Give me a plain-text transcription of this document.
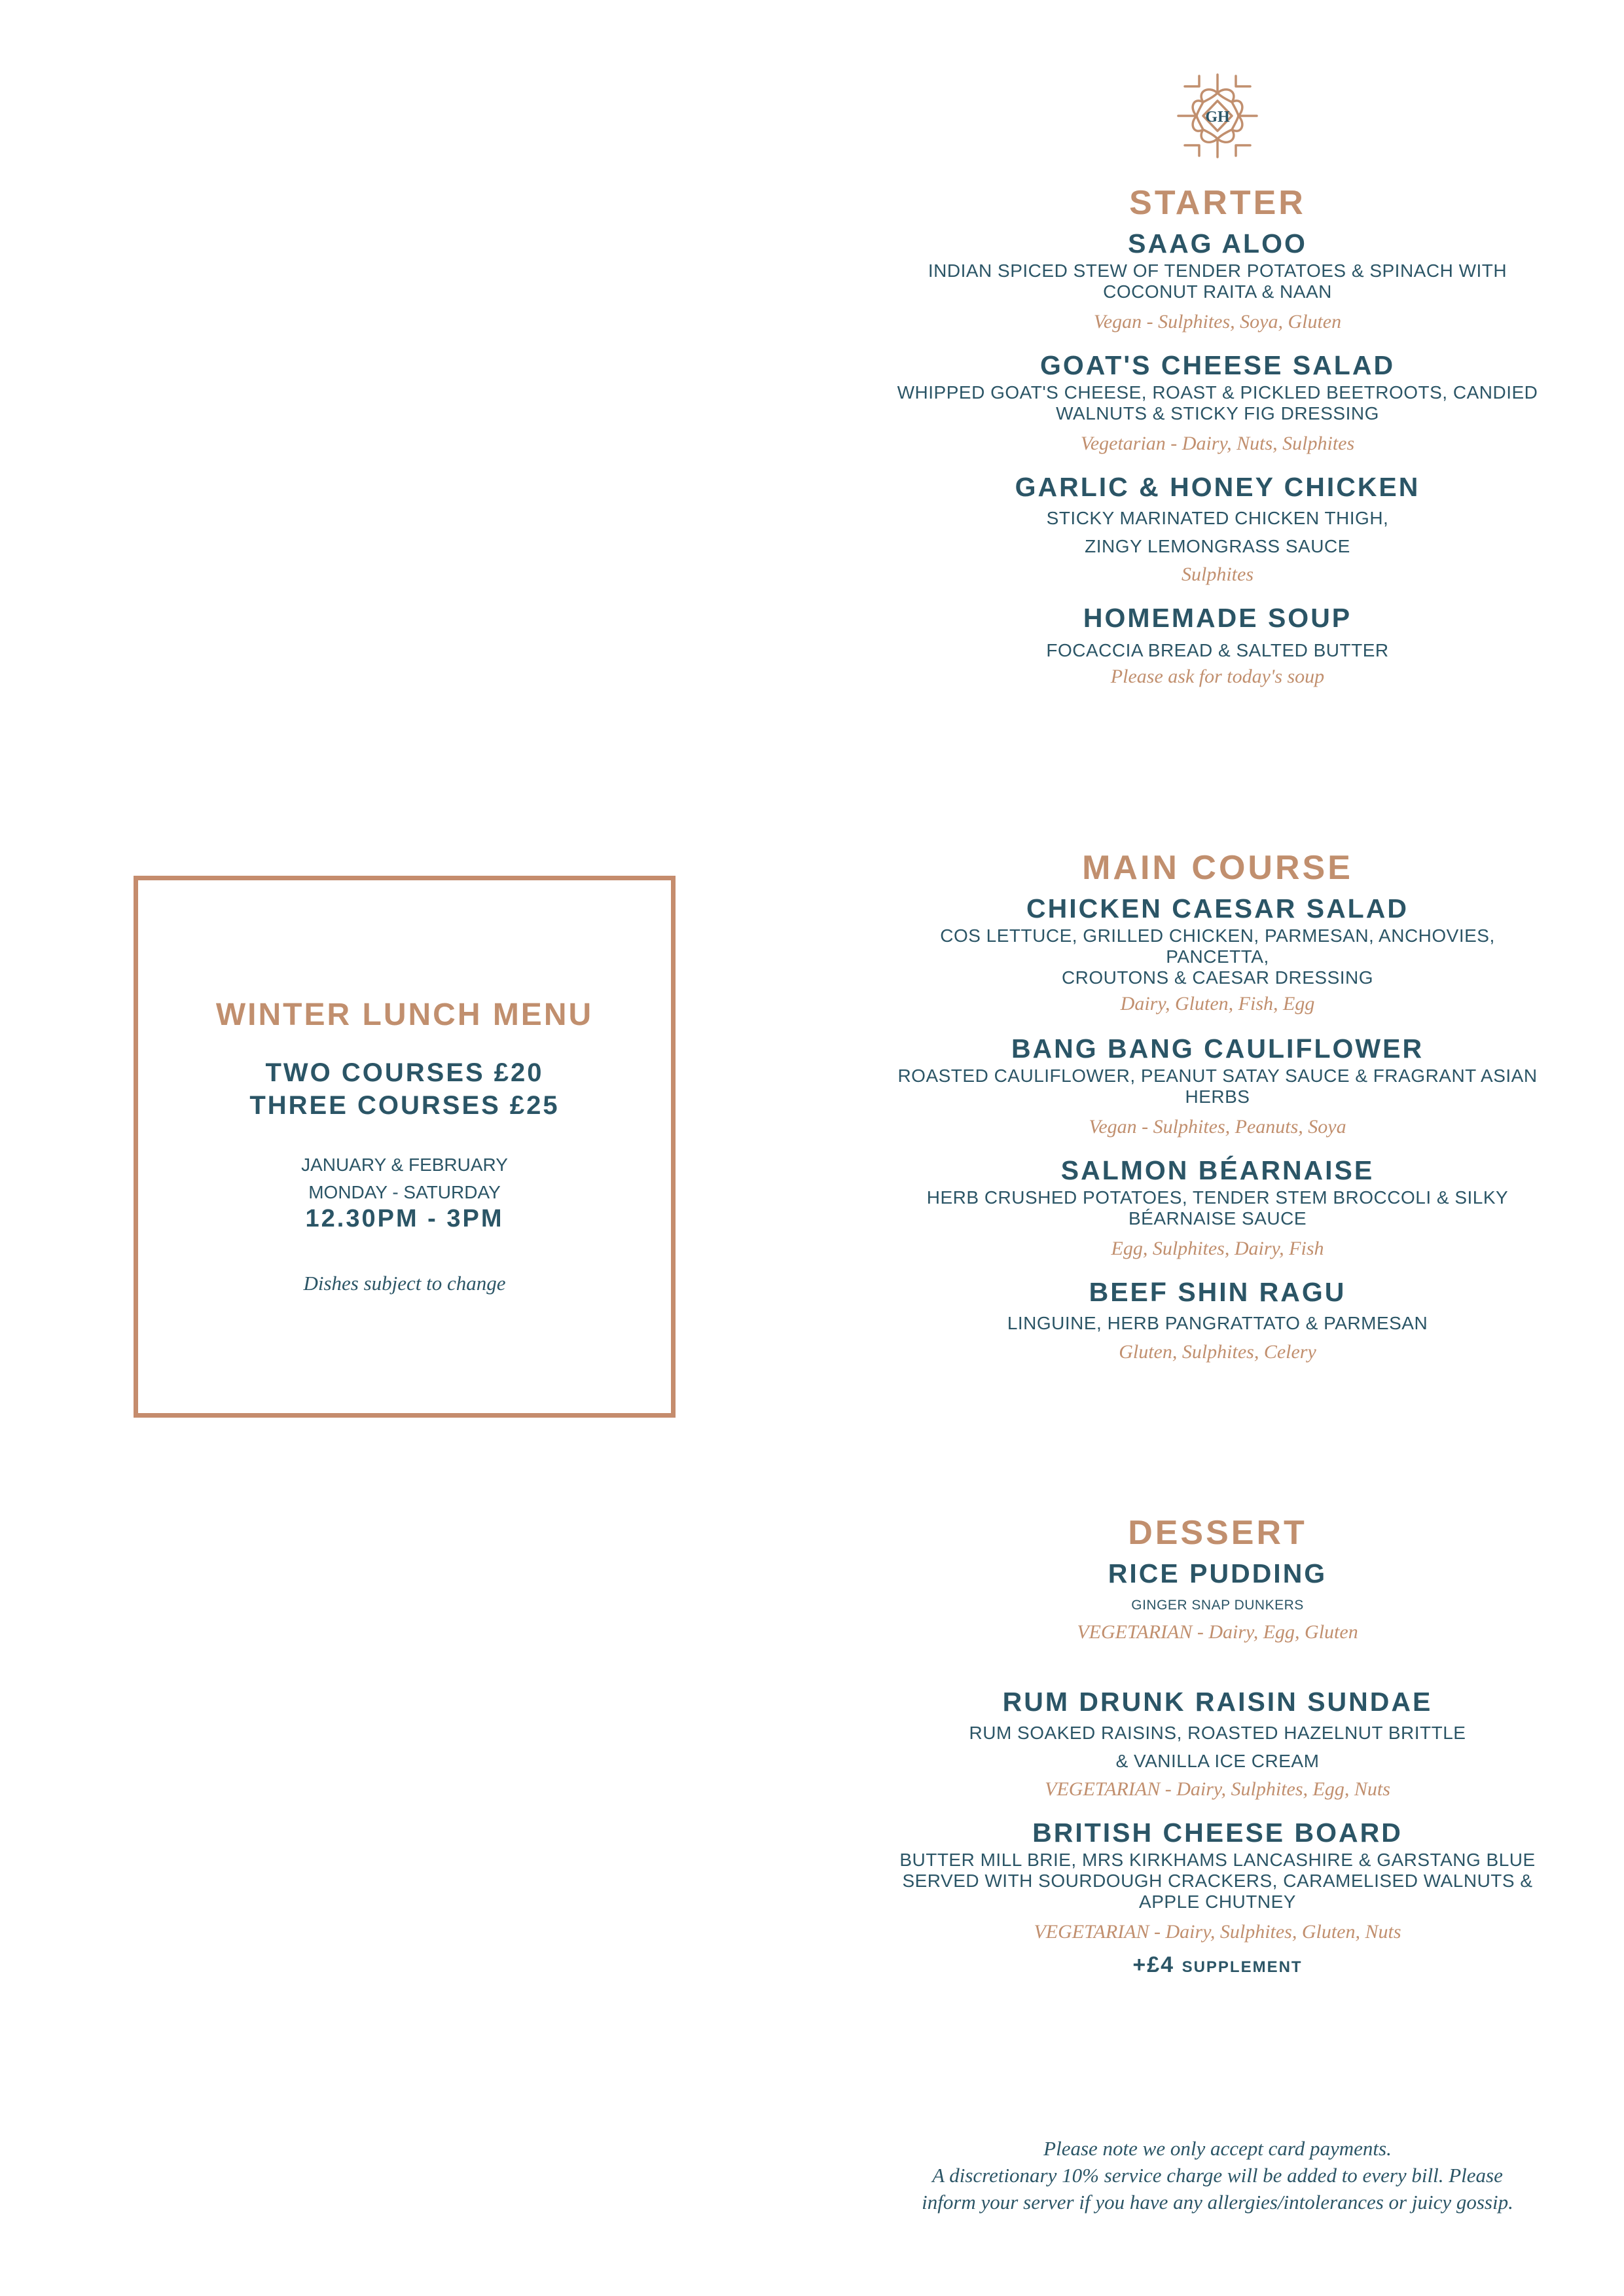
GH
STARTER
SAAG ALOO
INDIAN SPICED STEW OF TENDER POTATOES & SPINACH WITH
COCONUT RAITA & NAAN
Vegan - Sulphites, Soya, Gluten
GOAT'S CHEESE SALAD
WHIPPED GOAT'S CHEESE, ROAST & PICKLED BEETROOTS, CANDIED
WALNUTS & STICKY FIG DRESSING
Vegetarian - Dairy, Nuts, Sulphites
GARLIC & HONEY CHICKEN
STICKY MARINATED CHICKEN THIGH,
ZINGY LEMONGRASS SAUCE
Sulphites
HOMEMADE SOUP
FOCACCIA BREAD & SALTED BUTTER
Please ask for today's soup
MAIN COURSE
CHICKEN CAESAR SALAD
COS LETTUCE, GRILLED CHICKEN, PARMESAN, ANCHOVIES, PANCETTA,
CROUTONS & CAESAR DRESSING
Dairy, Gluten, Fish, Egg
BANG BANG CAULIFLOWER
ROASTED CAULIFLOWER, PEANUT SATAY SAUCE & FRAGRANT ASIAN
HERBS
Vegan - Sulphites, Peanuts, Soya
SALMON BÉARNAISE
HERB CRUSHED POTATOES, TENDER STEM BROCCOLI & SILKY
BÉARNAISE SAUCE
Egg, Sulphites, Dairy, Fish
BEEF SHIN RAGU
LINGUINE, HERB PANGRATTATO & PARMESAN
Gluten, Sulphites, Celery
DESSERT
RICE PUDDING
GINGER SNAP DUNKERS
VEGETARIAN - Dairy, Egg, Gluten
RUM DRUNK RAISIN SUNDAE
RUM SOAKED RAISINS, ROASTED HAZELNUT BRITTLE
& VANILLA ICE CREAM
VEGETARIAN - Dairy, Sulphites, Egg, Nuts
BRITISH CHEESE BOARD
BUTTER MILL BRIE, MRS KIRKHAMS LANCASHIRE & GARSTANG BLUE
SERVED WITH SOURDOUGH CRACKERS, CARAMELISED WALNUTS &
APPLE CHUTNEY
VEGETARIAN - Dairy, Sulphites, Gluten, Nuts
+£4 SUPPLEMENT
WINTER LUNCH MENU
TWO COURSES £20
THREE COURSES £25
JANUARY & FEBRUARY
MONDAY - SATURDAY
12.30PM - 3PM
Dishes subject to change
Please note we only accept card payments.
A discretionary 10% service charge will be added to every bill. Please
inform your server if you have any allergies/intolerances or juicy gossip.
